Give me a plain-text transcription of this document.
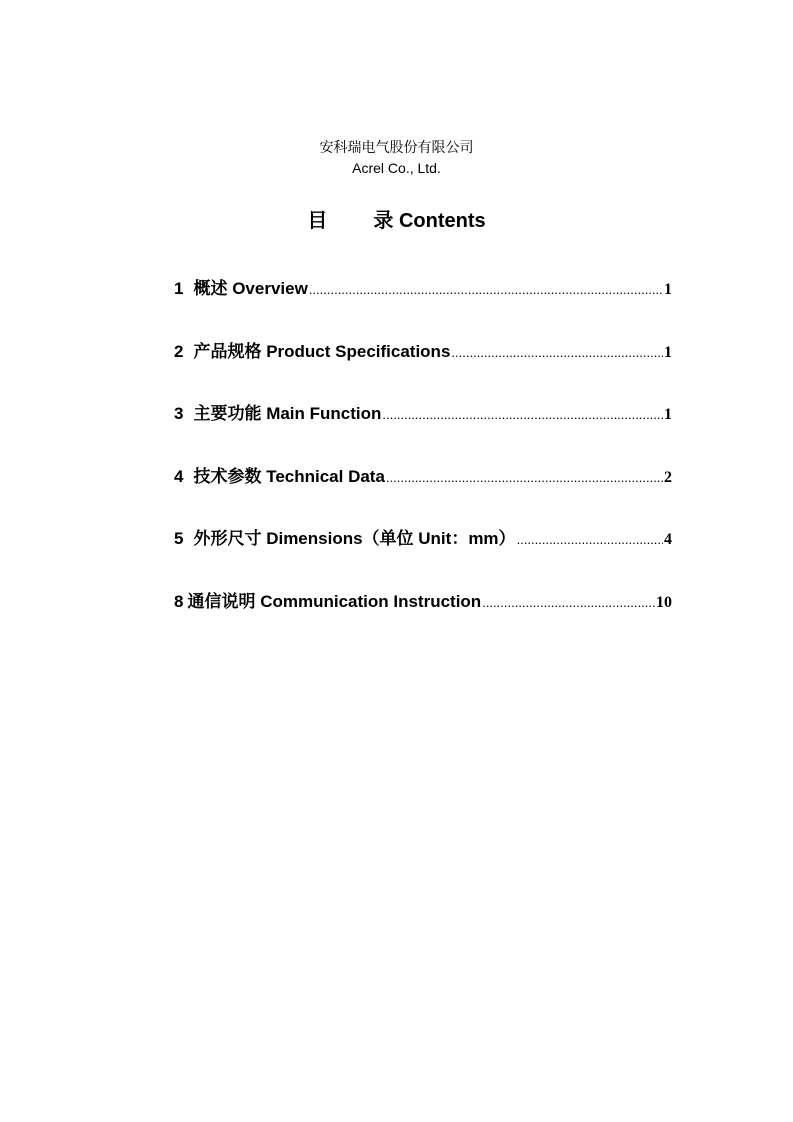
安科瑞电气股份有限公司
Acrel Co., Ltd.
目 录 Contents
1 概述 Overview .....	1
2 产品规格 Product Specifications .....	1
3 主要功能 Main Function .....	1
4 技术参数 Technical Data .....	2
5 外形尺寸 Dimensions（单位 Unit：mm） .....	4
8 通信说明 Communication Instruction .....	10
